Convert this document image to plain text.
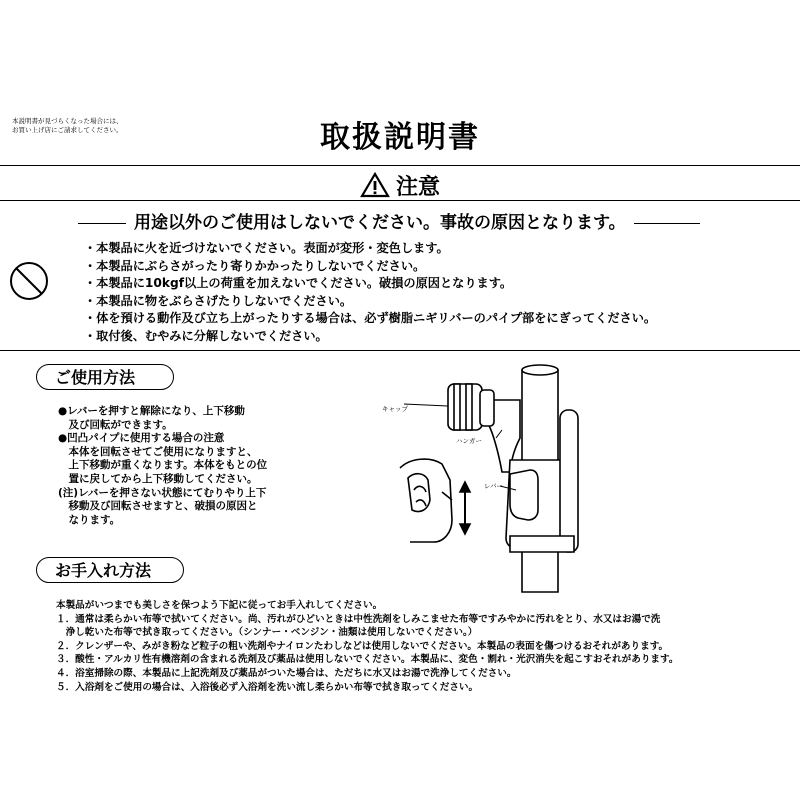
本説明書が見づらくなった場合には、
お買い上げ店にご請求してください。	取扱説明書
注意
用途以外のご使用はしないでください。事故の原因となります。
・本製品に火を近づけないでください。表面が変形・変色します。
・本製品にぶらさがったり寄りかかったりしないでください。
・本製品に10kgf以上の荷重を加えないでください。破損の原因となります。
・本製品に物をぶらさげたりしないでください。
・体を預ける動作及び立ち上がったりする場合は、必ず樹脂ニギリバーのパイプ部をにぎってください。
・取付後、むやみに分解しないでください。
ご使用方法

●レバーを押すと解除になり、上下移動

　及び回転ができます。

●凹凸パイプに使用する場合の注意

　本体を回転させてご使用になりますと、

　上下移動が重くなります。本体をもとの位

　置に戻してから上下移動してください。

(注)レバーを押さない状態にてむりやり上下

　移動及び回転させますと、破損の原因と

　なります。

キャップ
ハンガー
レバー
お手入れ方法

本製品がいつまでも美しさを保つよう下記に従ってお手入れしてください。

１．通常は柔らかい布等で拭いてください。尚、汚れがひどいときは中性洗剤をしみこませた布等ですみやかに汚れをとり、水又はお湯で洗

　浄し乾いた布等で拭き取ってください。（シンナー・ベンジン・油類は使用しないでください。）

２．クレンザーや、みがき粉など粒子の粗い洗剤やナイロンたわしなどは使用しないでください。本製品の表面を傷つけるおそれがあります。

３．酸性・アルカリ性有機溶剤の含まれる洗剤及び薬品は使用しないでください。本製品に、変色・割れ・光沢消失を起こすおそれがあります。

４．浴室掃除の際、本製品に上記洗剤及び薬品がついた場合は、ただちに水又はお湯で洗浄してください。

５．入浴剤をご使用の場合は、入浴後必ず入浴剤を洗い流し柔らかい布等で拭き取ってください。
